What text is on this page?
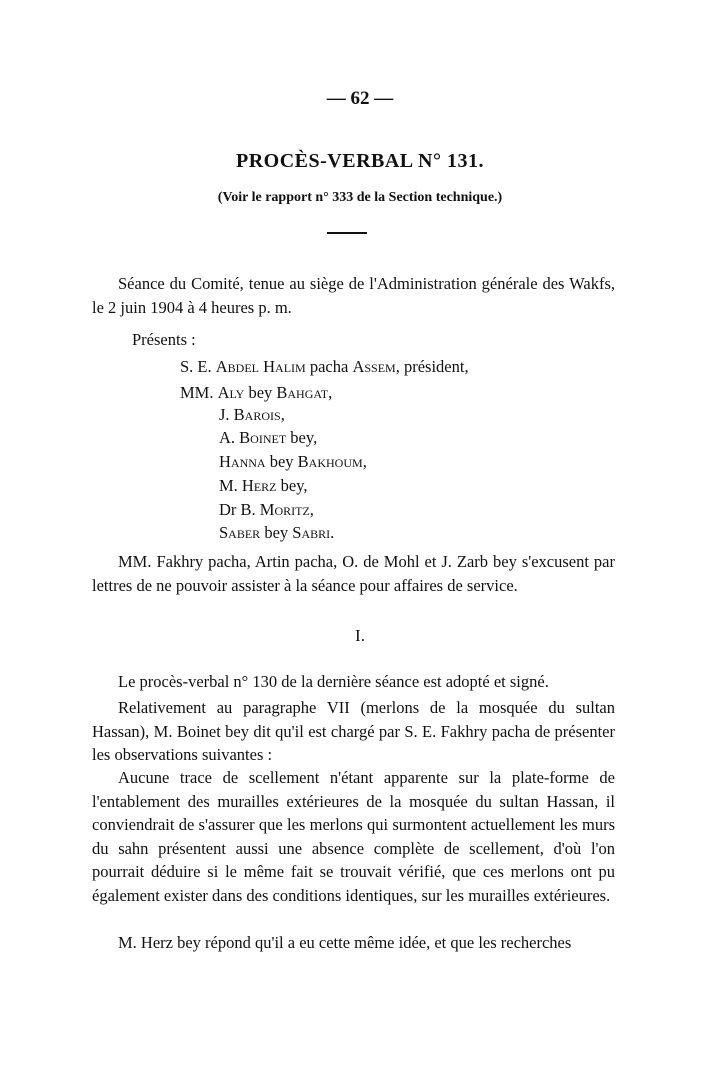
— 62 —
PROCÈS-VERBAL N° 131.
(Voir le rapport n° 333 de la Section technique.)
Séance du Comité, tenue au siège de l'Administration générale des Wakfs, le 2 juin 1904 à 4 heures p. m.
Présents :
S. E. Abdel Halim pacha Assem, président,
MM. Aly bey Bahgat,
J. Barois,
A. Boinet bey,
Hanna bey Bakhoum,
M. Herz bey,
Dr B. Moritz,
Saber bey Sabri.
MM. Fakhry pacha, Artin pacha, O. de Mohl et J. Zarb bey s'excusent par lettres de ne pouvoir assister à la séance pour affaires de service.
I.
Le procès-verbal n° 130 de la dernière séance est adopté et signé.
Relativement au paragraphe VII (merlons de la mosquée du sultan Hassan), M. Boinet bey dit qu'il est chargé par S. E. Fakhry pacha de présenter les observations suivantes :
Aucune trace de scellement n'étant apparente sur la plate-forme de l'entablement des murailles extérieures de la mosquée du sultan Hassan, il conviendrait de s'assurer que les merlons qui surmontent actuellement les murs du sahn présentent aussi une absence complète de scellement, d'où l'on pourrait déduire si le même fait se trouvait vérifié, que ces merlons ont pu également exister dans des conditions identiques, sur les murailles extérieures.
M. Herz bey répond qu'il a eu cette même idée, et que les recherches
